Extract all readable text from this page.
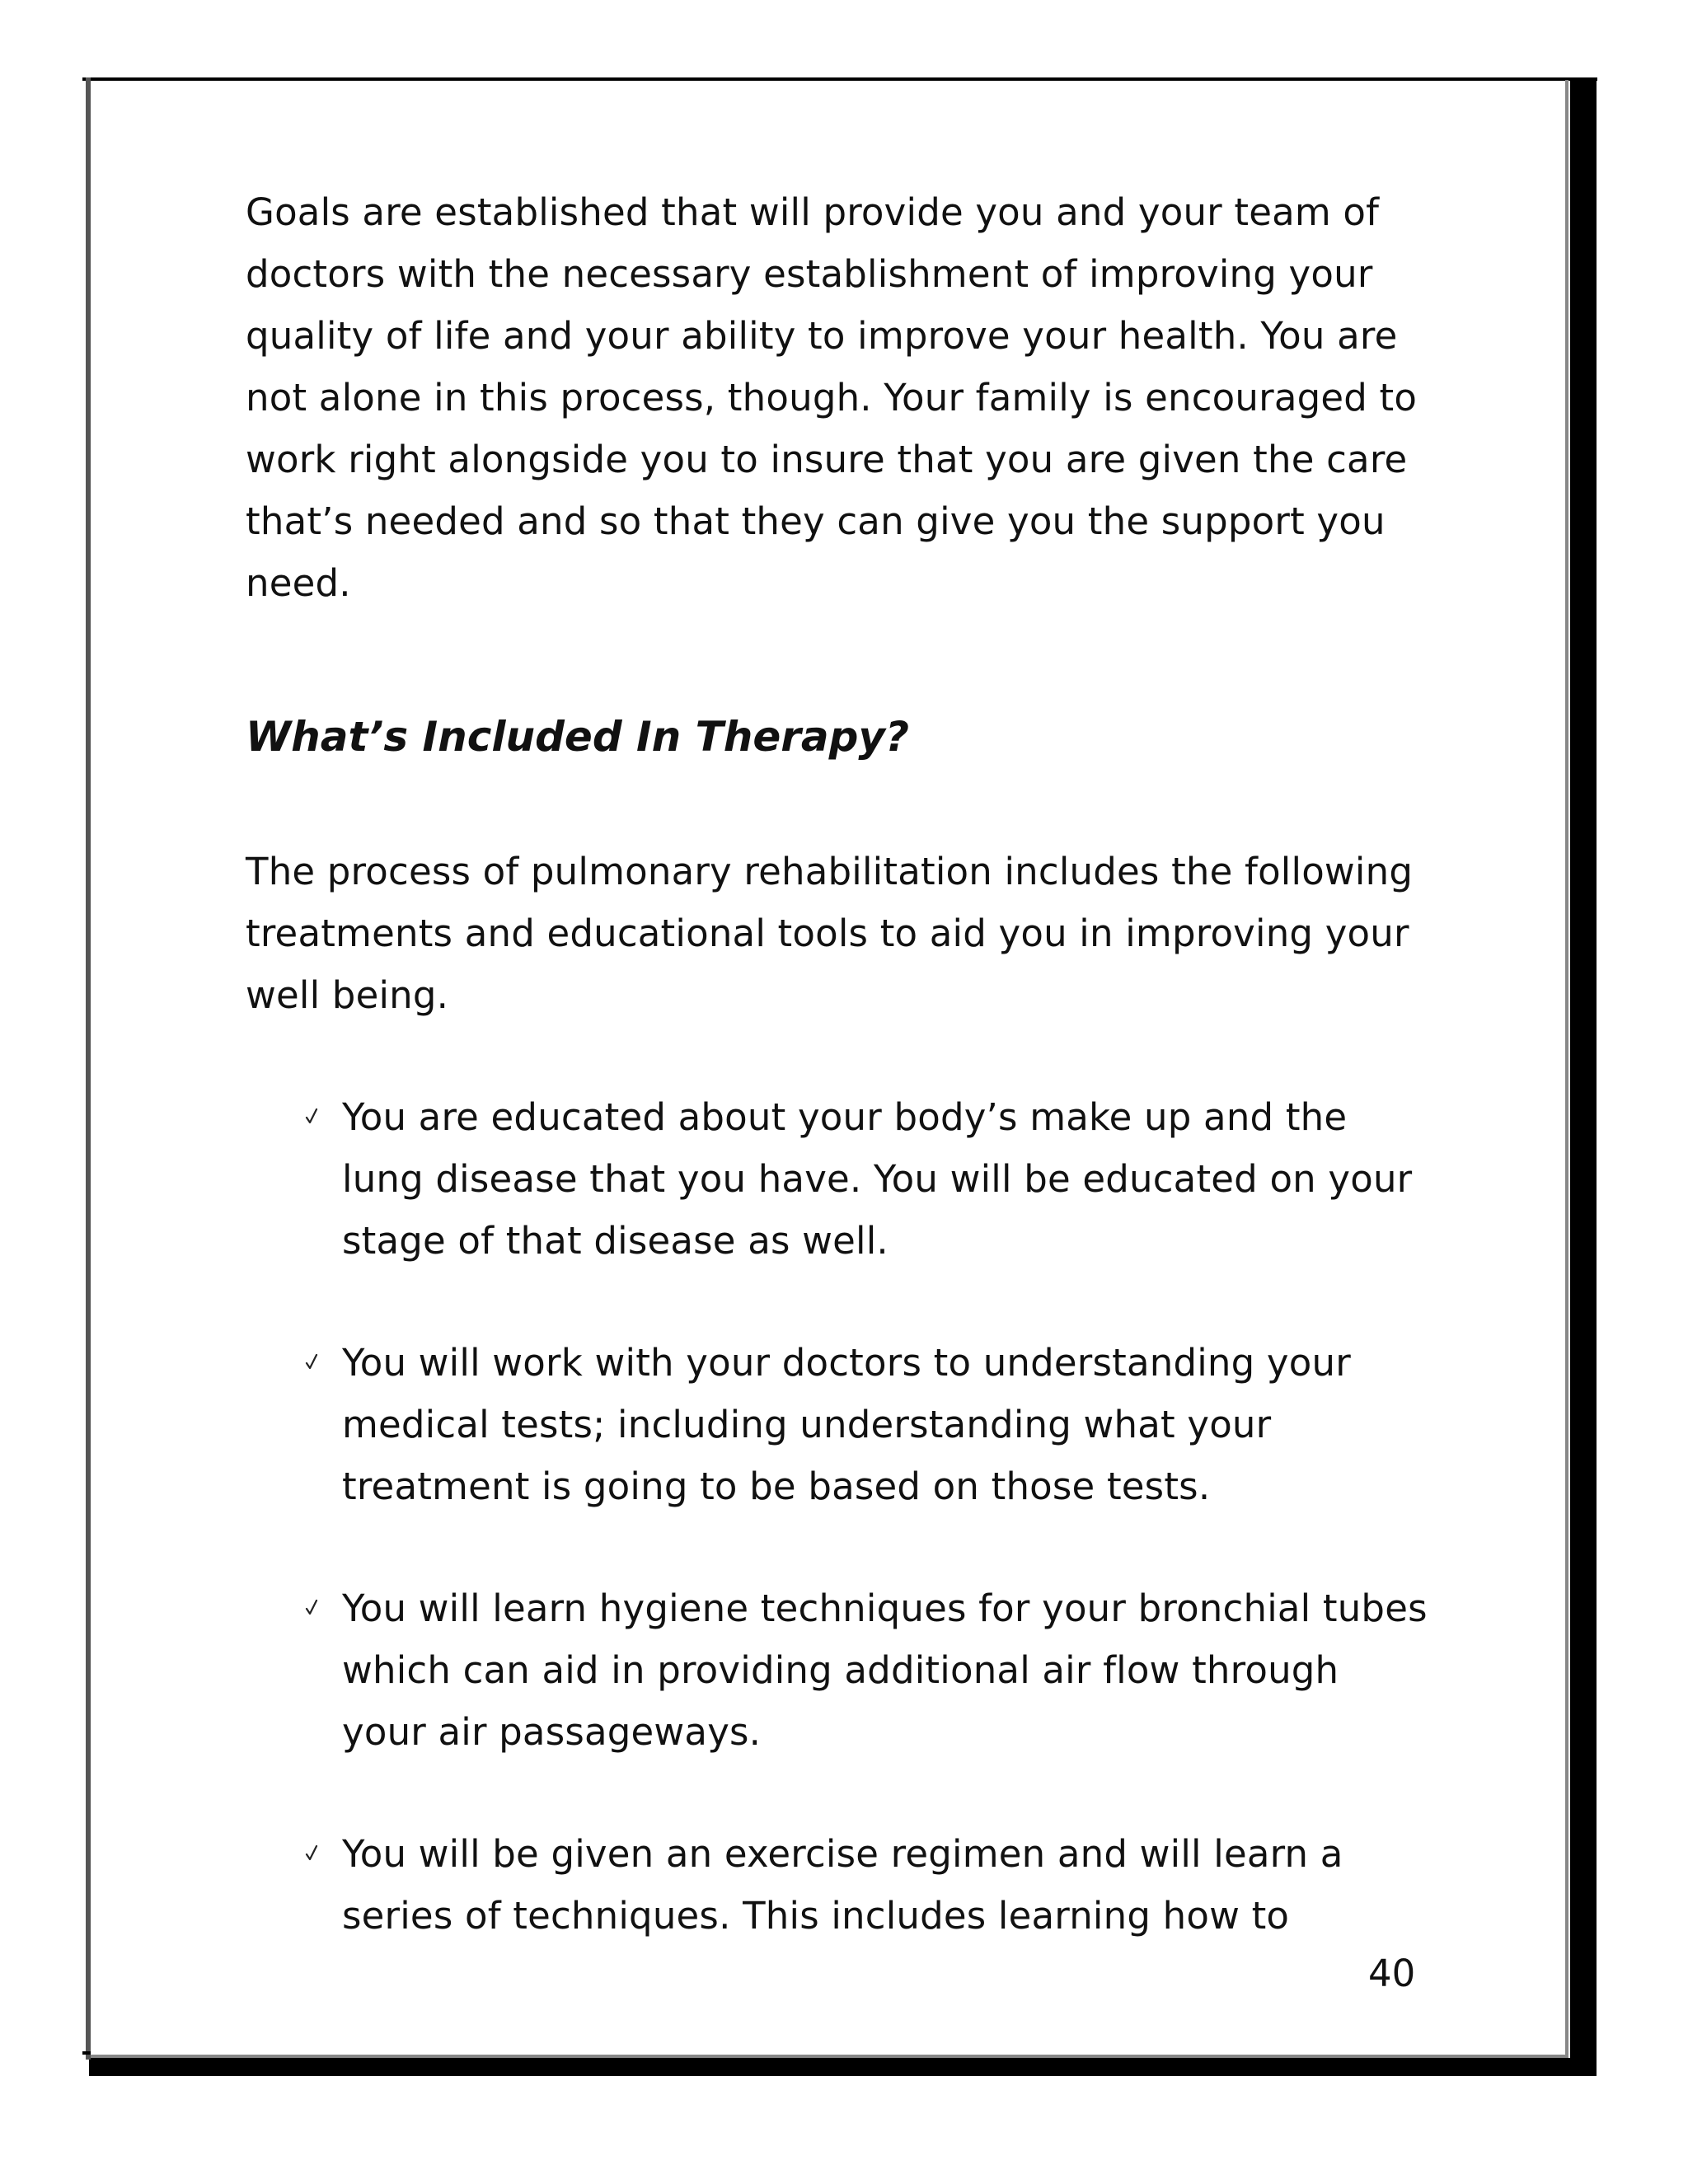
Goals are established that will provide you and your team of doctors with the necessary establishment of improving your quality of life and your ability to improve your health. You are not alone in this process, though. Your family is encouraged to work right alongside you to insure that you are given the care that’s needed and so that they can give you the support you need.

What’s Included In Therapy?

The process of pulmonary rehabilitation includes the following treatments and educational tools to aid you in improving your well being.

You are educated about your body’s make up and the lung disease that you have. You will be educated on your stage of that disease as well.
You will work with your doctors to understanding your medical tests; including understanding what your treatment is going to be based on those tests.
You will learn hygiene techniques for your bronchial tubes which can aid in providing additional air flow through your air passageways.
You will be given an exercise regimen and will learn a series of techniques. This includes learning how to
40
